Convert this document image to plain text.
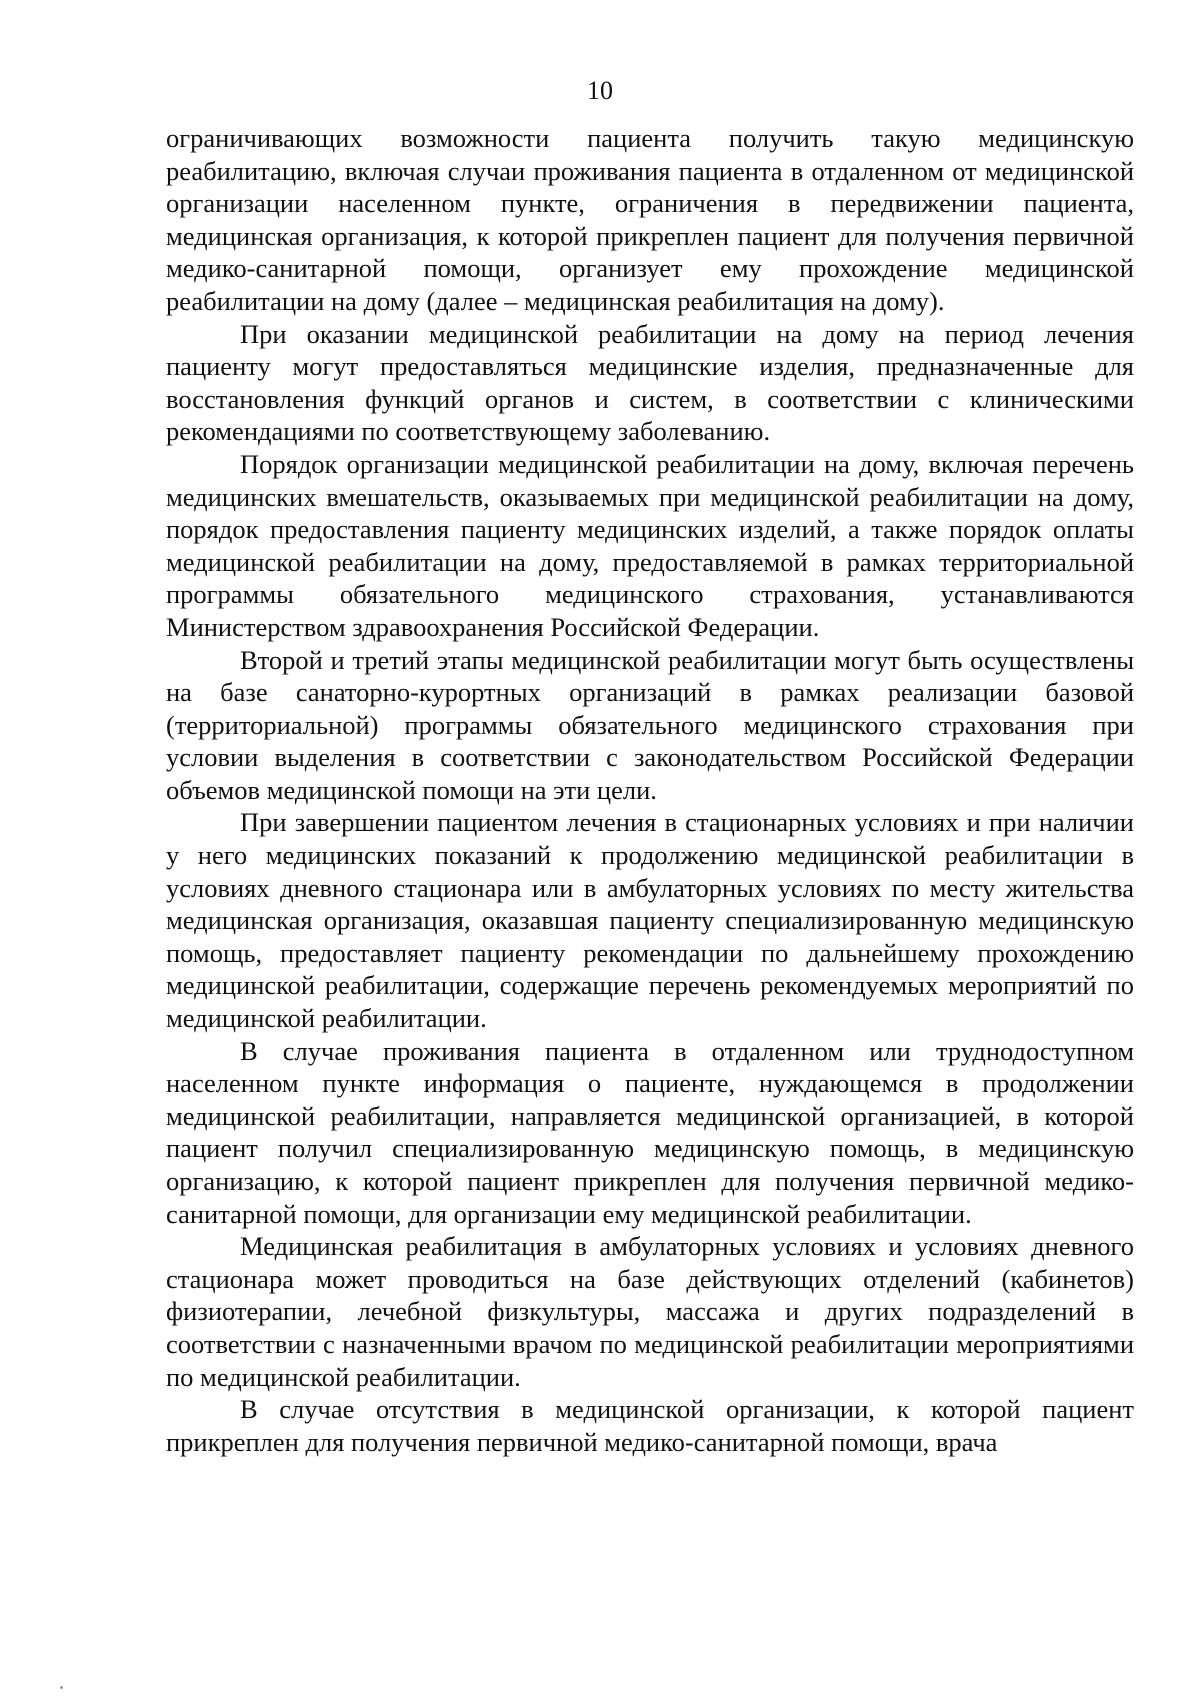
10

ограничивающих возможности пациента получить такую медицинскую реабилитацию, включая случаи проживания пациента в отдаленном от медицинской организации населенном пункте, ограничения в передвижении пациента, медицинская организация, к которой прикреплен пациент для получения первичной медико-санитарной помощи, организует ему прохождение медицинской реабилитации на дому (далее – медицинская реабилитация на дому).

При оказании медицинской реабилитации на дому на период лечения пациенту могут предоставляться медицинские изделия, предназначенные для восстановления функций органов и систем, в соответствии с клиническими рекомендациями по соответствующему заболеванию.

Порядок организации медицинской реабилитации на дому, включая перечень медицинских вмешательств, оказываемых при медицинской реабилитации на дому, порядок предоставления пациенту медицинских изделий, а также порядок оплаты медицинской реабилитации на дому, предоставляемой в рамках территориальной программы обязательного медицинского страхования, устанавливаются Министерством здравоохранения Российской Федерации.

Второй и третий этапы медицинской реабилитации могут быть осуществлены на базе санаторно-курортных организаций в рамках реализации базовой (территориальной) программы обязательного медицинского страхования при условии выделения в соответствии с законодательством Российской Федерации объемов медицинской помощи на эти цели.

При завершении пациентом лечения в стационарных условиях и при наличии у него медицинских показаний к продолжению медицинской реабилитации в условиях дневного стационара или в амбулаторных условиях по месту жительства медицинская организация, оказавшая пациенту специализированную медицинскую помощь, предоставляет пациенту рекомендации по дальнейшему прохождению медицинской реабилитации, содержащие перечень рекомендуемых мероприятий по медицинской реабилитации.

В случае проживания пациента в отдаленном или труднодоступном населенном пункте информация о пациенте, нуждающемся в продолжении медицинской реабилитации, направляется медицинской организацией, в которой пациент получил специализированную медицинскую помощь, в медицинскую организацию, к которой пациент прикреплен для получения первичной медико-санитарной помощи, для организации ему медицинской реабилитации.

Медицинская реабилитация в амбулаторных условиях и условиях дневного стационара может проводиться на базе действующих отделений (кабинетов) физиотерапии, лечебной физкультуры, массажа и других подразделений в соответствии с назначенными врачом по медицинской реабилитации мероприятиями по медицинской реабилитации.

В случае отсутствия в медицинской организации, к которой пациент прикреплен для получения первичной медико-санитарной помощи, врача
